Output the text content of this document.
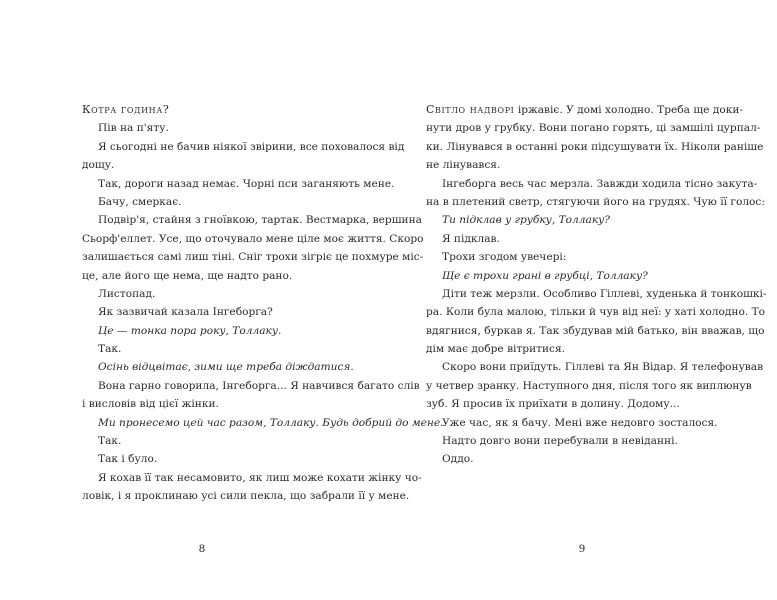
Котра година?
Пів на п'яту.
Я сьогодні не бачив ніякої звірини, все поховалося від
дощу.
Так, дороги назад немає. Чорні пси заганяють мене.
Бачу, смеркає.
Подвір'я, стайня з гноївкою, тартак. Вестмарка, вершина
Сьорф'еллет. Усе, що оточувало мене ціле моє життя. Скоро
залишається самі лиш тіні. Сніг трохи зігріє це похмуре міс-
це, але його ще нема, ще надто рано.
Листопад.
Як зазвичай казала Інгеборга?
Це — тонка пора року, Толлаку.
Так.
Осінь відцвітає, зими ще треба діждатися.
Вона гарно говорила, Інгеборга... Я навчився багато слів
і висловів від цієї жінки.
Ми пронесемо цей час разом, Толлаку. Будь добрий до мене.
Так.
Так і було.
Я кохав її так несамовито, як лиш може кохати жінку чо-
ловік, і я проклинаю усі сили пекла, що забрали її у мене.
8
Світло надворі іржавіє. У домі холодно. Треба ще доки-
нути дров у грубку. Вони погано горять, ці замшілі цурпал-
ки. Лінувався в останні роки підсушувати їх. Ніколи раніше
не лінувався.
Інгеборга весь час мерзла. Завжди ходила тісно закута-
на в плетений светр, стягуючи його на грудях. Чую її голос:
Ти підклав у грубку, Толлаку?
Я підклав.
Трохи згодом увечері:
Ще є трохи грані в грубці, Толлаку?
Діти теж мерзли. Особливо Гіллеві, худенька й тонкошкі-
ра. Коли була малою, тільки й чув від неї: у хаті холодно. То
вдягнися, буркав я. Так збудував мій батько, він вважав, що
дім має добре вітритися.
Скоро вони приїдуть. Гіллеві та Ян Відар. Я телефонував
у четвер зранку. Наступного дня, після того як виплюнув
зуб. Я просив їх приїхати в долину. Додому...
Уже час, як я бачу. Мені вже недовго зосталося.
Надто довго вони перебували в невіданні.
Оддо.
9
